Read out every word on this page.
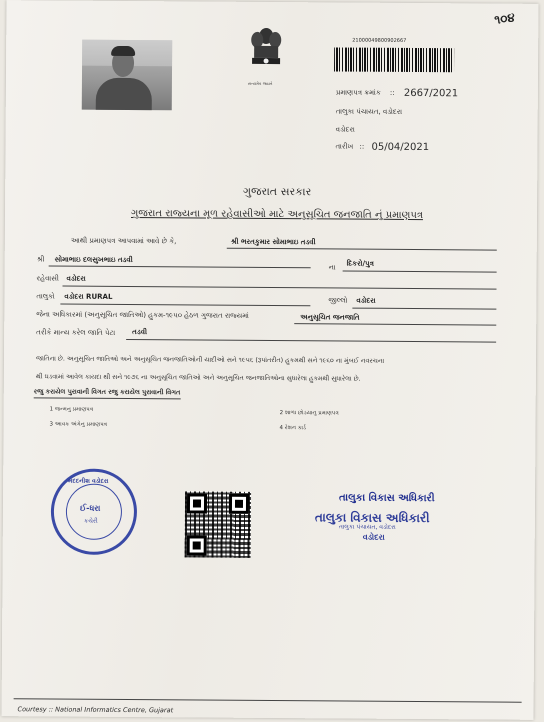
૧૦૪
સત્યમેવ જયતે
21000049800902667
પ્રમાણપત્ર ક્રમાંક :: 2667/2021
તાલુકા પંચાયત, વડોદરા
વડોદરા
તારીખ :: 05/04/2021
ગુજરાત સરકાર
ગુજરાત રાજ્યના મૂળ રહેવાસીઓ માટે અનુસૂચિત જનજાતિ નું પ્રમાણપત્ર
આથી પ્રમાણપત્ર આપવામાં આવે છે કે,	શ્રી ભરતકુમાર સોમાભાઇ તડવી
શ્રી સોમાભાઇ દલસુખભાઇ તડવી
ના દિકરો/પુત્ર
રહેવાસી વડોદરા
તાલુકો વડોદરા RURAL	જીલ્લો વડોદરા
જેના અધિકારમાં (અનુસૂચિત જાતિઓ) હુકમ-૧૯૫૦ હેઠળ ગુજરાત રાજ્યમાં	અનુસૂચિત જનજાતિ
તરીકે માન્ય કરેલ જાતિ પેટા તડવી
જાતિના છે. અનુસૂચિત જાતિઓ અને અનુસૂચિત જનજાતિઓની યાદીઓ સને ૧૯૫૬ (રૂપાંતરીત) હુકમથી સને ૧૯૬૦ ના મુંબઈ નવરચના
થી ઘડવામાં આવેલ કાયદા થી સને ૧૯૭૬ ના અનુસૂચિત જાતિઓ અને અનુસૂચિત જનજાતિઓના સુધારેલા હુકમથી સુધારેલા છે.
રજુ કરાયેલ પુરાવાની વિગત રજુ કરાયેલ પુરાવાની વિગત
1 જન્મનુ પ્રમાણપત્ર
2 શાળા છોડયાનુ પ્રમાણપત્ર
3 આવક અંગેનુ પ્રમાણપત્ર
4 રેશન કાર્ડ
મદદનીશ વડોદરા
ઈ-ધરા
કચેરી
તાલુકા વિકાસ અધિકારી
તાલુકા વિકાસ અધિકારી
તાલુકા પંચાયત, વડોદરા
વડોદરા
Courtesy :: National Informatics Centre, Gujarat
